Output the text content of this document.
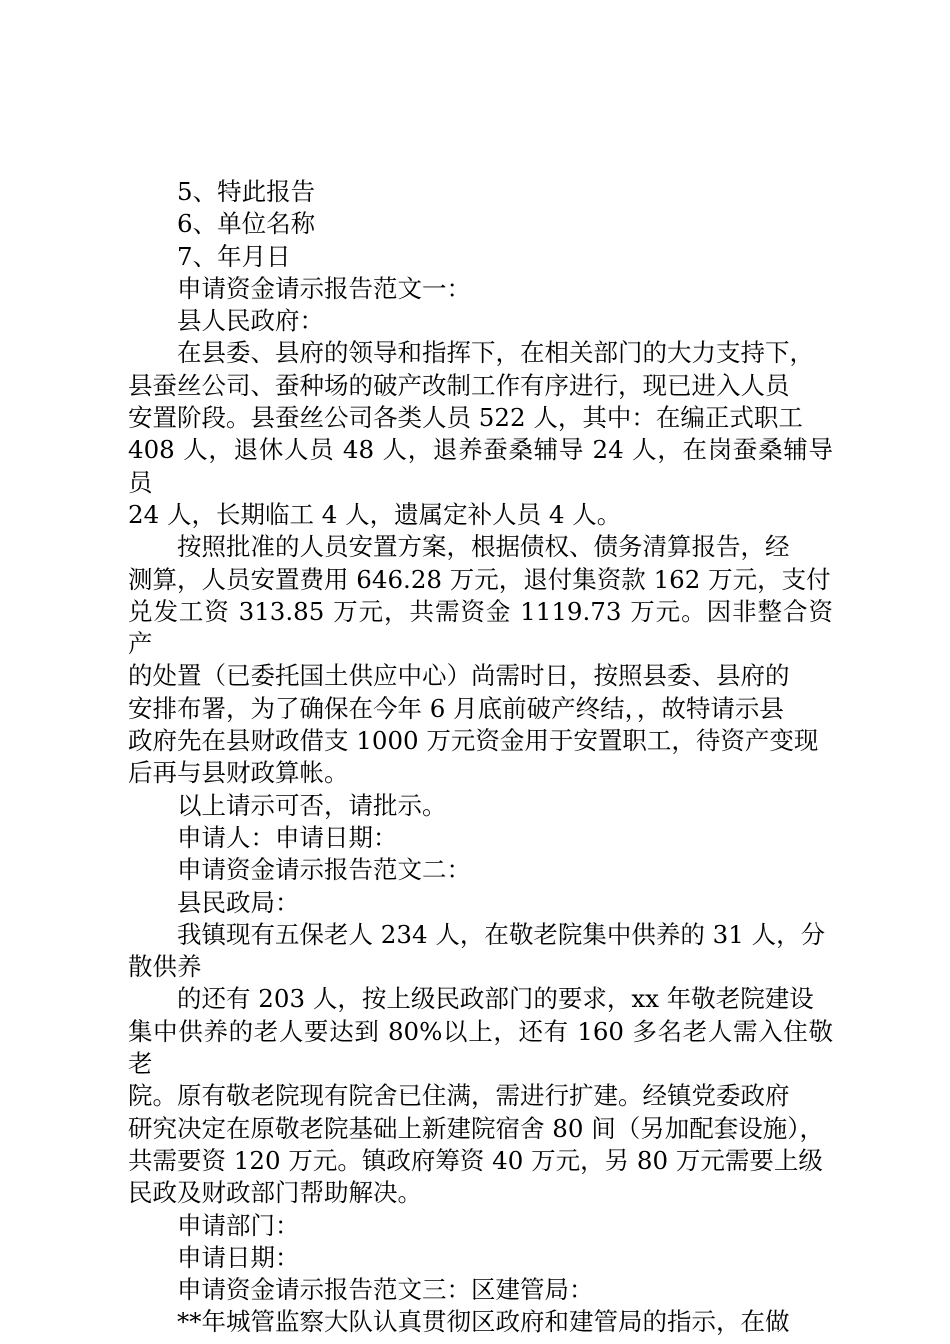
5、特此报告

6、单位名称

7、年月日

申请资金请示报告范文一：

县人民政府：

在县委、县府的领导和指挥下，在相关部门的大力支持下，
县蚕丝公司、蚕种场的破产改制工作有序进行，现已进入人员
安置阶段。县蚕丝公司各类人员 522 人，其中：在编正式职工
408 人，退休人员 48 人，退养蚕桑辅导 24 人，在岗蚕桑辅导员
24 人，长期临工 4 人，遗属定补人员 4 人。

按照批准的人员安置方案，根据债权、债务清算报告，经
测算，人员安置费用 646.28 万元，退付集资款 162 万元，支付
兑发工资 313.85 万元，共需资金 1119.73 万元。因非整合资产
的处置（已委托国土供应中心）尚需时日，按照县委、县府的
安排布署，为了确保在今年 6 月底前破产终结，，故特请示县
政府先在县财政借支 1000 万元资金用于安置职工，待资产变现
后再与县财政算帐。

以上请示可否，请批示。

申请人：申请日期：

申请资金请示报告范文二：

县民政局：

我镇现有五保老人 234 人，在敬老院集中供养的 31 人，分
散供养

的还有 203 人，按上级民政部门的要求，xx 年敬老院建设
集中供养的老人要达到 80%以上，还有 160 多名老人需入住敬老
院。原有敬老院现有院舍已住满，需进行扩建。经镇党委政府
研究决定在原敬老院基础上新建院宿舍 80 间（另加配套设施），
共需要资 120 万元。镇政府筹资 40 万元，另 80 万元需要上级
民政及财政部门帮助解决。

申请部门：

申请日期：

申请资金请示报告范文三：区建管局：

**年城管监察大队认真贯彻区政府和建管局的指示，在做
